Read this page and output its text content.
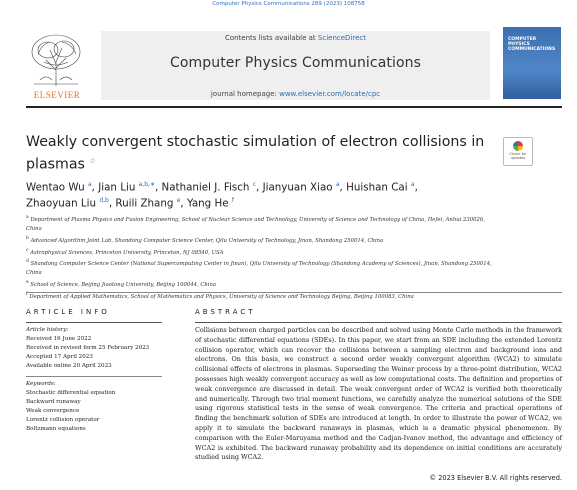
Computer Physics Communications 289 (2023) 108758
ELSEVIER
Contents lists available at ScienceDirect
Computer Physics Communications
journal homepage: www.elsevier.com/locate/cpc
COMPUTER PHYSICS COMMUNICATIONS
Weakly convergent stochastic simulation of electron collisions in plasmas ☆
Check for updates
Wentao Wu $^a$, Jian Liu $^{a,b,∗}$, Nathaniel J. Fisch $^c$, Jianyuan Xiao $^a$, Huishan Cai $^a$,
Zhaoyuan Liu $^{d,b}$, Ruili Zhang $^e$, Yang He $^f$
$^a$ Department of Plasma Physics and Fusion Engineering, School of Nuclear Science and Technology, University of Science and Technology of China, Hefei, Anhui 230026, China
$^b$ Advanced Algorithm Joint Lab, Shandong Computer Science Center, Qilu University of Technology, Jinan, Shandong 250014, China
$^c$ Astrophysical Sciences, Princeton University, Princeton, NJ 08540, USA
$^d$ Shandong Computer Science Center (National Supercomputing Center in Jinan), Qilu University of Technology (Shandong Academy of Sciences), Jinan, Shandong 250014, China
$^e$ School of Science, Beijing Jiaotong University, Beijing 100044, China
$^f$ Department of Applied Mathematics, School of Mathematics and Physics, University of Science and Technology Beijing, Beijing 100083, China
ARTICLE INFO	ABSTRACT
Article history:
Received 16 June 2022
Received in revised form 25 February 2023
Accepted 17 April 2023
Available online 20 April 2023
Keywords:
Stochastic differential equation
Backward runaway
Weak convergence
Lorentz collision operator
Boltzmann equations
Collisions between charged particles can be described and solved using Monte Carlo methods in the framework of stochastic differential equations (SDEs). In this paper, we start from an SDE including the extended Lorentz collision operator, which can recover the collisions between a sampling electron and background ions and electrons. On this basis, we construct a second order weakly convergent algorithm (WCA2) to simulate collisional effects of electrons in plasmas. Superseding the Weiner process by a three-point distribution, WCA2 possesses high weakly convergent accuracy as well as low computational costs. The definition and properties of weak convergence are discussed in detail. The weak convergent order of WCA2 is verified both theoretically and numerically. Through two trial moment functions, we carefully analyze the numerical solutions of the SDE using rigorous statistical tests in the sense of weak convergence. The criteria and practical operations of finding the benchmark solution of SDEs are introduced at length. In order to illustrate the power of WCA2, we apply it to simulate the backward runaways in plasmas, which is a dramatic physical phenomenon. By comparison with the Euler-Maruyama method and the Cadjan-Ivanov method, the advantage and efficiency of WCA2 is exhibited. The backward runaway probability and its dependence on initial conditions are accurately studied using WCA2.
© 2023 Elsevier B.V. All rights reserved.
